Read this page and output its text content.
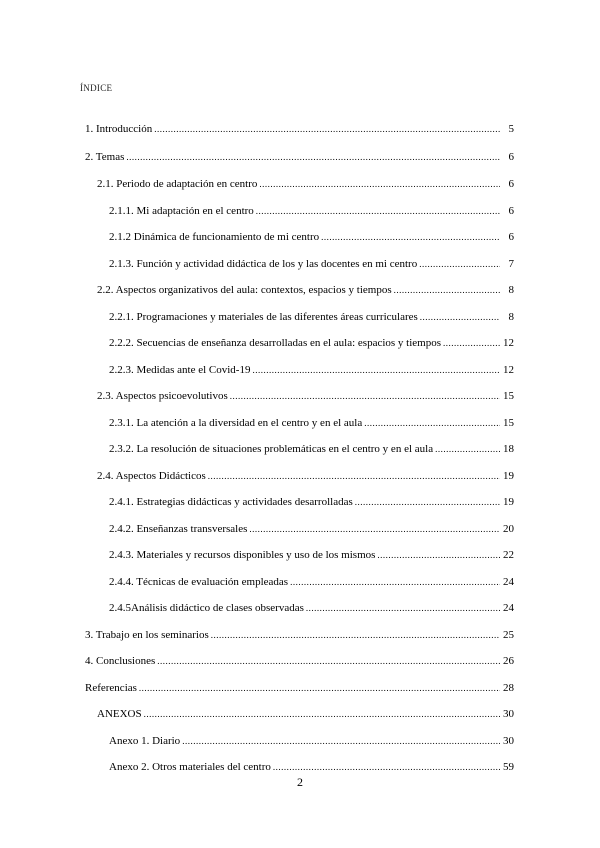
ÍNDICE
1. Introducción .....	5
2. Temas .....	6
2.1. Periodo de adaptación en centro .....	6
2.1.1. Mi adaptación en el centro .....	6
2.1.2 Dinámica de funcionamiento de mi centro .....	6
2.1.3. Función y actividad didáctica de los y las docentes en mi centro .....	7
2.2. Aspectos organizativos del aula: contextos, espacios y tiempos .....	8
2.2.1. Programaciones y materiales de las diferentes áreas curriculares .....	8
2.2.2. Secuencias de enseñanza desarrolladas en el aula: espacios y tiempos .....	12
2.2.3. Medidas ante el Covid-19 .....	12
2.3. Aspectos psicoevolutivos .....	15
2.3.1. La atención a la diversidad en el centro y en el aula .....	15
2.3.2. La resolución de situaciones problemáticas en el centro y en el aula .....	18
2.4. Aspectos Didácticos .....	19
2.4.1. Estrategias didácticas y actividades desarrolladas .....	19
2.4.2. Enseñanzas transversales .....	20
2.4.3. Materiales y recursos disponibles y uso de los mismos .....	22
2.4.4. Técnicas de evaluación empleadas .....	24
2.4.5Análisis didáctico de clases observadas .....	24
3. Trabajo en los seminarios .....	25
4. Conclusiones .....	26
Referencias .....	28
ANEXOS .....	30
Anexo 1. Diario .....	30
Anexo 2. Otros materiales del centro .....	59
2
